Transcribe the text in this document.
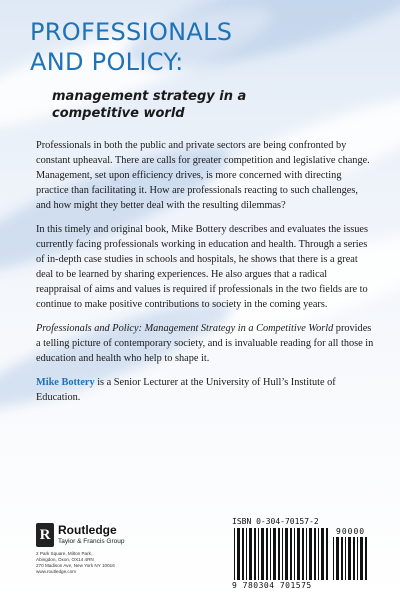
PROFESSIONALS
AND POLICY:
management strategy in a
competitive world

Professionals in both the public and private sectors are being confronted by constant upheaval. There are calls for greater competition and legislative change. Management, set upon efficiency drives, is more concerned with directing practice than facilitating it. How are professionals reacting to such challenges, and how might they better deal with the resulting dilemmas?

In this timely and original book, Mike Bottery describes and evaluates the issues currently facing professionals working in education and health. Through a series of in-depth case studies in schools and hospitals, he shows that there is a great deal to be learned by sharing experiences. He also argues that a radical reappraisal of aims and values is required if professionals in the two fields are to continue to make positive contributions to society in the coming years.

Professionals and Policy: Management Strategy in a Competitive World provides a telling picture of contemporary society, and is invaluable reading for all those in education and health who help to shape it.

Mike Bottery is a Senior Lecturer at the University of Hull’s Institute of Education.

R Routledge
Taylor & Francis Group
2 Park Square, Milton Park,
Abingdon, Oxon, OX14 4RN
270 Madison Ave, New York NY 10016
www.routledge.com
ISBN 0-304-70157-2
90000
9 780304 701575
